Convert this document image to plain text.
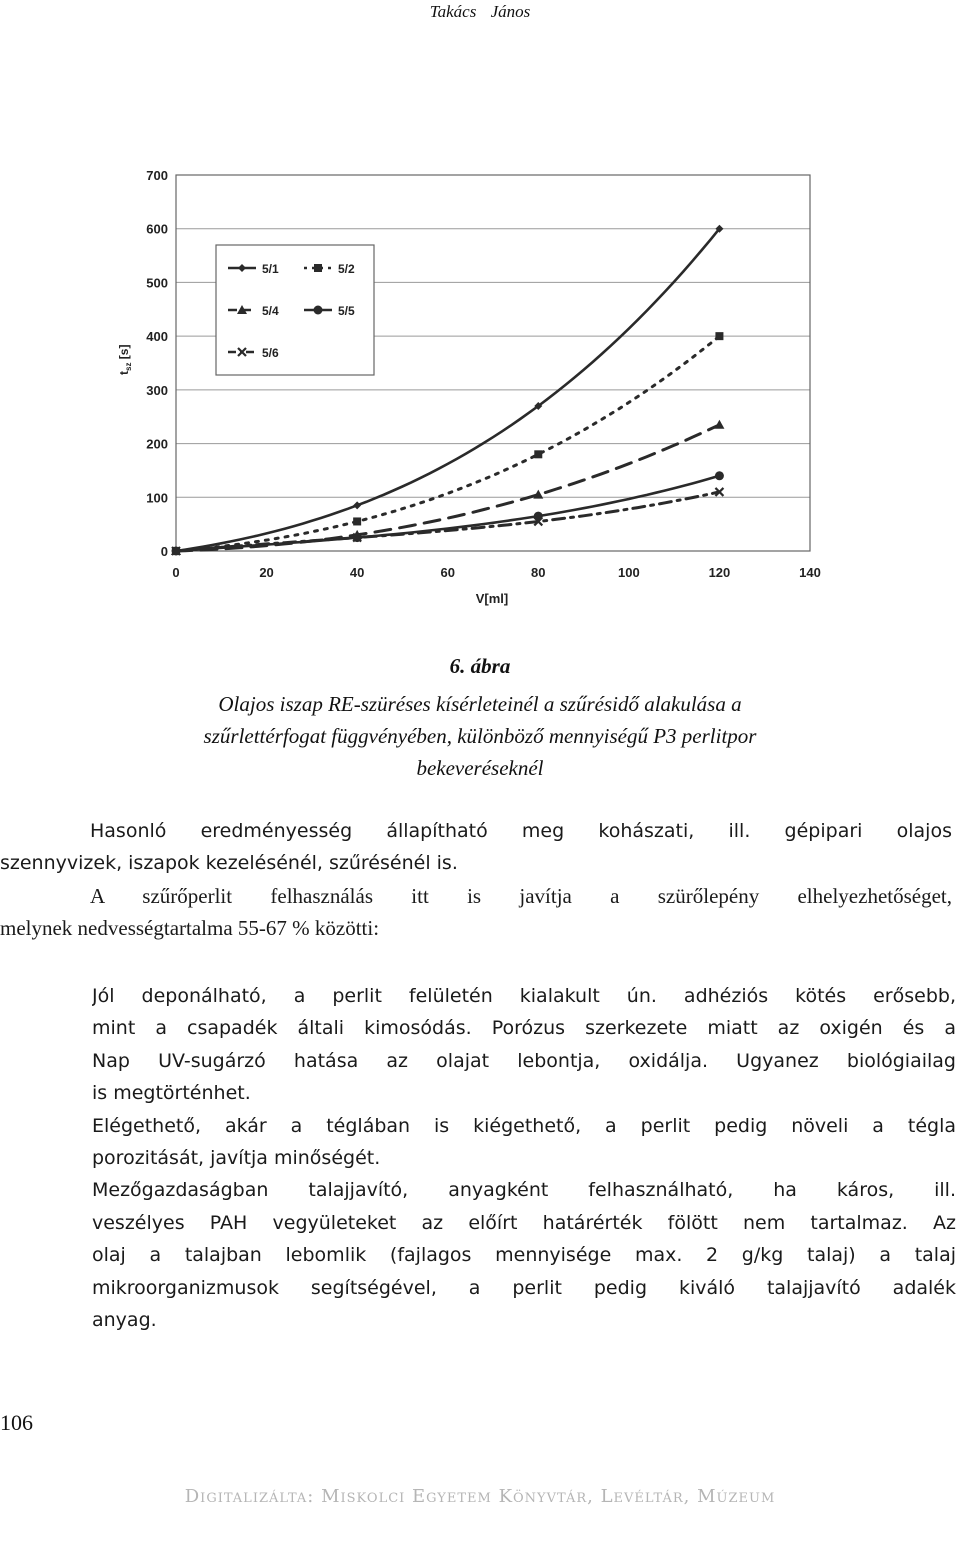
Takács János
0
100
200
300
400
500
600
700
0	20	40	60	80	100	120	140
$t_{sz}$ [s]
V[ml]
5/1	5/2
5/4	5/5
5/6
6. ábra
Olajos iszap RE-szüréses kísérleteinél a szűrésidő alakulása a
szűrlettérfogat függvényében, különböző mennyiségű P3 perlitpor
bekeveréseknél
Hasonló eredményesség állapítható meg kohászati, ill. gépipari olajos
szennyvizek, iszapok kezelésénél, szűrésénél is.
A szűrőperlit felhasználás itt is javítja a szürőlepény elhelyezhetőséget,
melynek nedvességtartalma 55-67 % közötti:
Jól deponálható, a perlit felületén kialakult ún. adhéziós kötés erősebb,
mint a csapadék általi kimosódás. Porózus szerkezete miatt az oxigén és a
Nap UV-sugárzó hatása az olajat lebontja, oxidálja. Ugyanez biológiailag
is megtörténhet.
Elégethető, akár a téglában is kiégethető, a perlit pedig növeli a tégla
porozitását, javítja minőségét.
Mezőgazdaságban talajjavító, anyagként felhasználható, ha káros, ill.
veszélyes PAH vegyületeket az előírt határérték fölött nem tartalmaz. Az
olaj a talajban lebomlik (fajlagos mennyisége max. 2 g/kg talaj) a talaj
mikroorganizmusok segítségével, a perlit pedig kiváló talajjavító adalék
anyag.
106
Digitalizálta: Miskolci Egyetem Könyvtár, Levéltár, Múzeum
